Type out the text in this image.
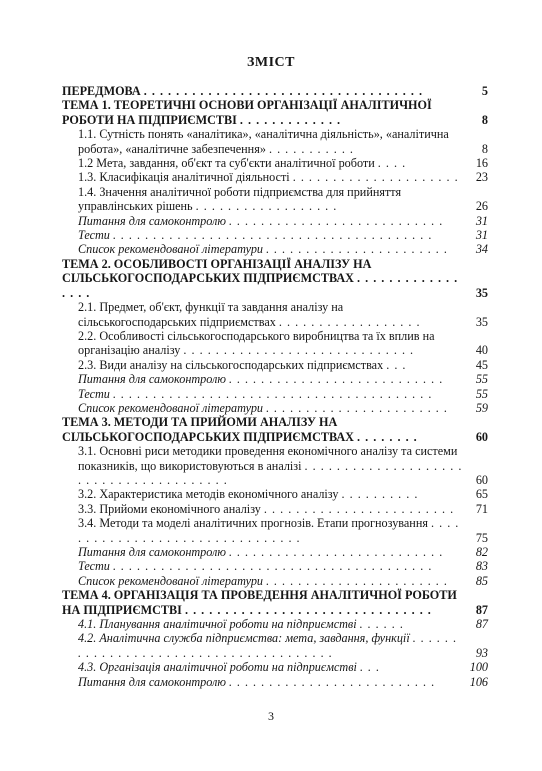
ЗМІСТ
ПЕРЕДМОВА . . . . . . . . . . . . . . . . . . . . . . . . . . . . . . . . . . .	5
ТЕМА 1. ТЕОРЕТИЧНІ ОСНОВИ ОРГАНІЗАЦІЇ АНАЛІТИЧНОЇ РОБОТИ НА ПІДПРИЄМСТВІ . . . . . . . . . . . . .	8
1.1. Сутність понять «аналітика», «аналітична діяльність», «аналітична робота», «аналітичне забезпечення» . . . . . . . . . . .	8
1.2 Мета, завдання, об'єкт та суб'єкти аналітичної роботи . . . .	16
1.3. Класифікація аналітичної діяльності . . . . . . . . . . . . . . . . . . . . . 23
1.4. Значення аналітичної роботи підприємства для прийняття управлінських рішень . . . . . . . . . . . . . . . . . .	26
Питання для самоконтролю . . . . . . . . . . . . . . . . . . . . . . . . . . .	31
Тести . . . . . . . . . . . . . . . . . . . . . . . . . . . . . . . . . . . . . . . .	31
Список рекомендованої літератури . . . . . . . . . . . . . . . . . . . . . . . 34
ТЕМА 2. ОСОБЛИВОСТІ ОРГАНІЗАЦІЇ АНАЛІЗУ НА СІЛЬСЬКОГОСПОДАРСЬКИХ ПІДПРИЄМСТВАХ . . . . . . . . . . . . . . . . .	35
2.1. Предмет, об'єкт, функції та завдання аналізу на сільськогосподарських підприємствах . . . . . . . . . . . . . . . . . .	35
2.2. Особливості сільськогосподарського виробництва та їх вплив на організацію аналізу . . . . . . . . . . . . . . . . . . . . . . . . . . . . .	40
2.3. Види аналізу на сільськогосподарських підприємствах . . .	45
Питання для самоконтролю . . . . . . . . . . . . . . . . . . . . . . . . . . .	55
Тести . . . . . . . . . . . . . . . . . . . . . . . . . . . . . . . . . . . . . . . .	55
Список рекомендованої літератури . . . . . . . . . . . . . . . . . . . . . . . 59
ТЕМА 3. МЕТОДИ ТА ПРИЙОМИ АНАЛІЗУ НА СІЛЬСЬКОГОСПОДАРСЬКИХ ПІДПРИЄМСТВАХ . . . . . . . .	60
3.1. Основні риси методики проведення економічного аналізу та системи показників, що використовуються в аналізі . . . . . . . . . . . . . . . . . . . . . . . . . . . . . . . . . . . . . . .	60
3.2. Характеристика методів економічного аналізу . . . . . . . . . .	65
3.3. Прийоми економічного аналізу . . . . . . . . . . . . . . . . . . . . . . . . 71
3.4. Методи та моделі аналітичних прогнозів. Етапи прогнозування . . . . . . . . . . . . . . . . . . . . . . . . . . . . . . . .	75
Питання для самоконтролю . . . . . . . . . . . . . . . . . . . . . . . . . . .	82
Тести . . . . . . . . . . . . . . . . . . . . . . . . . . . . . . . . . . . . . . . .	83
Список рекомендованої літератури . . . . . . . . . . . . . . . . . . . . . . . 85
ТЕМА 4. ОРГАНІЗАЦІЯ ТА ПРОВЕДЕННЯ АНАЛІТИЧНОЇ РОБОТИ НА ПІДПРИЄМСТВІ . . . . . . . . . . . . . . . . . . . . . . . . . . . . . . .	87
4.1. Планування аналітичної роботи на підприємстві . . . . . .	87
4.2. Аналітична служба підприємства: мета, завдання, функції . . . . . . . . . . . . . . . . . . . . . . . . . . . . . . . . . . . . . .	93
4.3. Організація аналітичної роботи на підприємстві . . .	100
Питання для самоконтролю . . . . . . . . . . . . . . . . . . . . . . . . . .	106
3
